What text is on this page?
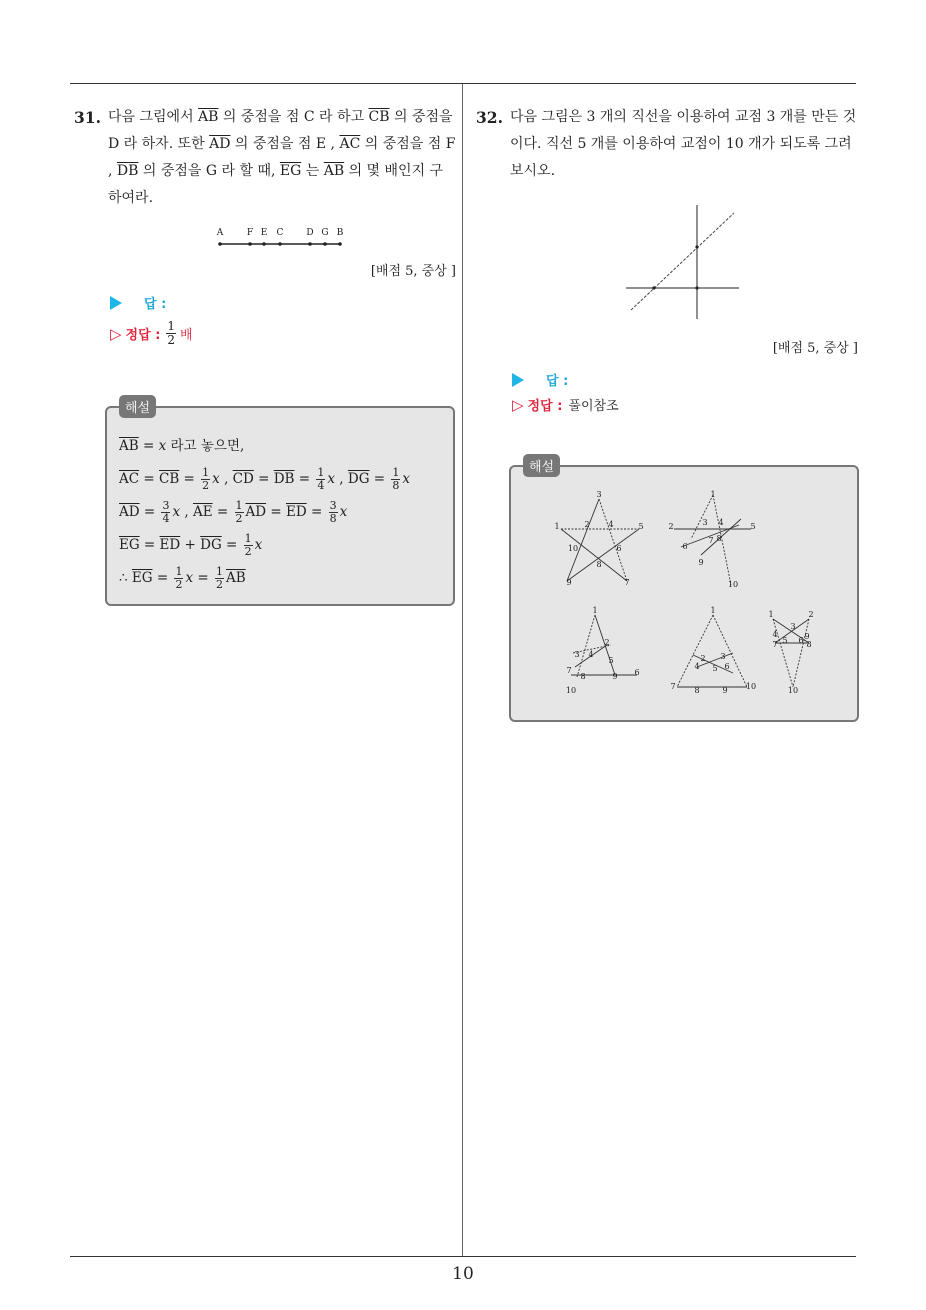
31. 다음 그림에서 $\overline{AB}$ 의 중점을 점 C 라 하고 $\overline{CB}$ 의 중점을 D 라 하자. 또한 $\overline{AD}$ 의 중점을 점 E , $\overline{AC}$ 의 중점을 점 F , $\overline{DB}$ 의 중점을 G 라 할 때, $\overline{EG}$ 는 $\overline{AB}$ 의 몇 배인지 구하여라.
A	F E C	D G B
[배점 5, 중상 ]
답 :
▷ 정답 : $\frac{1}{2}$ 배
해설
$\overline{AB} = x$ 라고 놓으면,
$\overline{AC} = \overline{CB} = \frac{1}{2}$ x , $\overline{CD} = \overline{DB} = \frac{1}{4}$ x , $\overline{DG} = \frac{1}{8}$ x
$\overline{AD} = \frac{3}{4}$ x , $\overline{AE} = \frac{1}{2} \overline{AD} = \overline{ED} = \frac{3}{8}$ x
$\overline{EG} = \overline{ED} + \overline{DG} = \frac{1}{2}$ x
∴ $\overline{EG} = \frac{1}{2}$ $x = \frac{1}{2} \overline{AB}$
32. 다음 그림은 3 개의 직선을 이용하여 교점 3 개를 만든 것이다. 직선 5 개를 이용하여 교점이 10 개가 되도록 그려보시오.
[배점 5, 중상 ]
답 :
▷ 정답 : 풀이참조
해설
3
1	2 4	5
10	6
8
9	7
1
2	3 4	5
6
7 8
9
10
1
2
3 4
5
7
8	9 6
10
1
2 3
4 5 6
7 8	9 10
1	2
3
4
5 6
7	8
9
10
10
